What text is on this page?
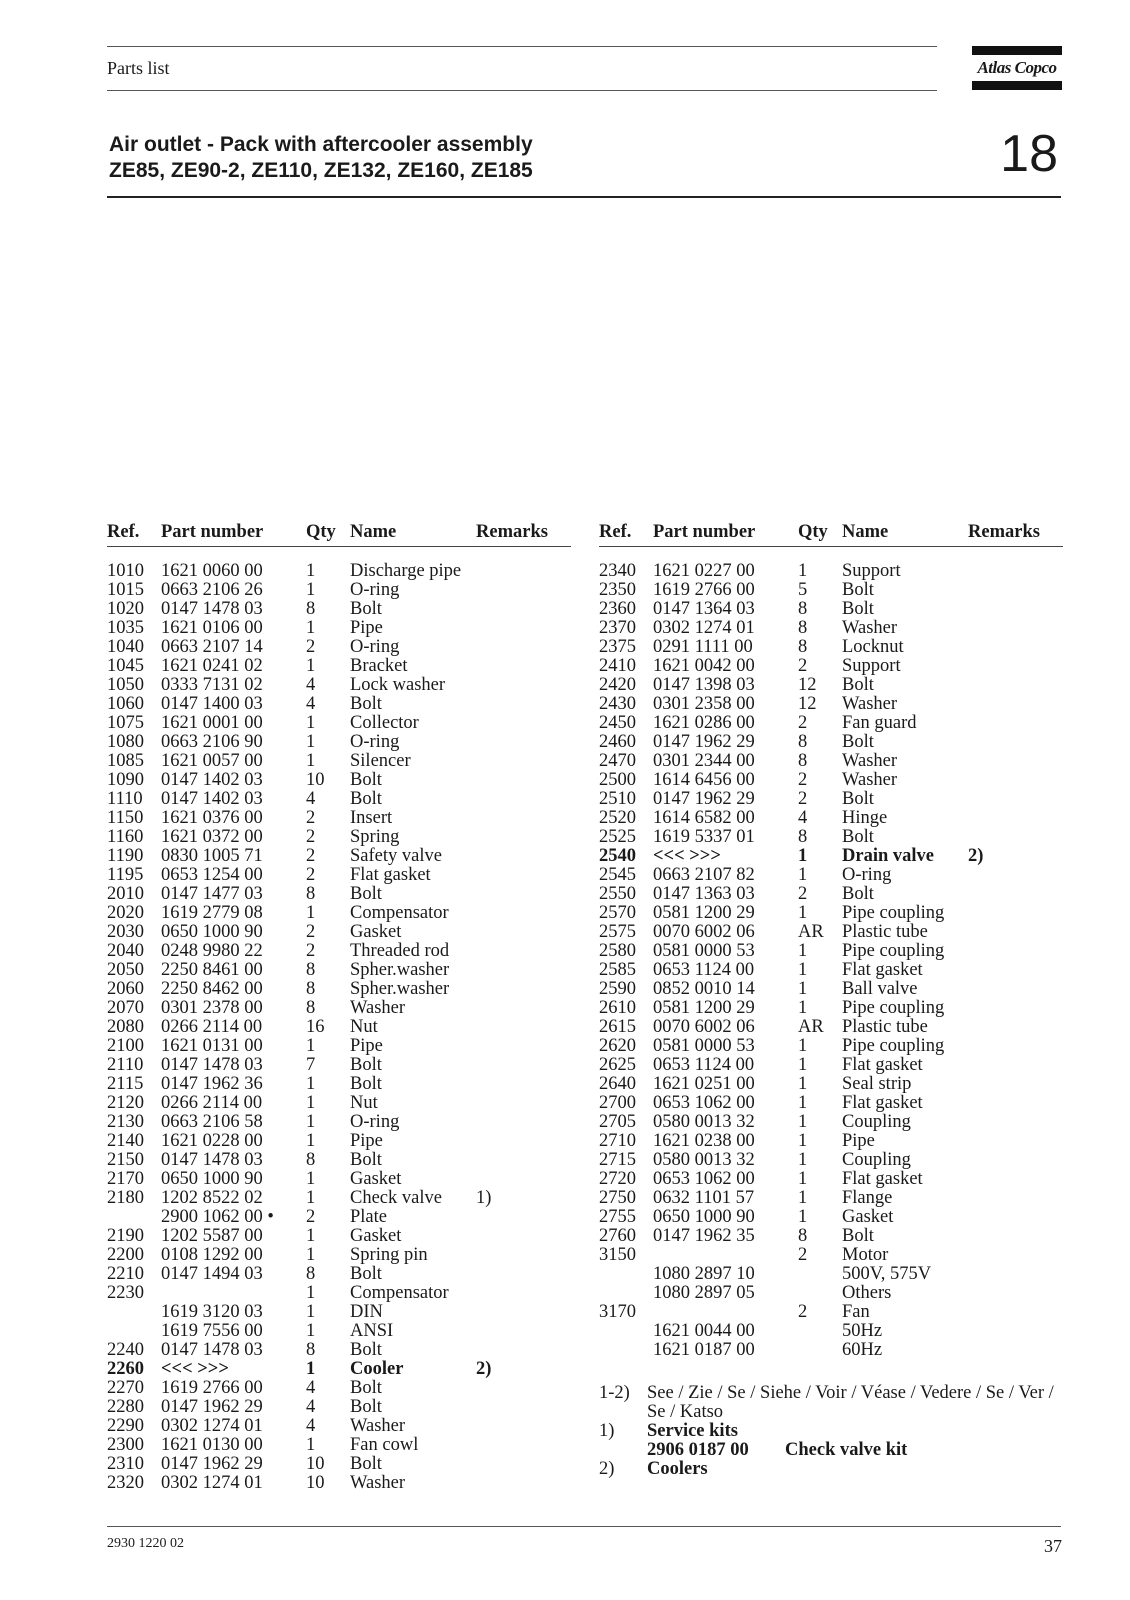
Parts list	Atlas Copco
Air outlet - Pack with aftercooler assembly
ZE85, ZE90-2, ZE110, ZE132, ZE160, ZE185	18
Ref. Part number Qty Name	Remarks
1010 1621 0060 00 1 Discharge pipe
1015 0663 2106 26 1 O-ring
1020 0147 1478 03 8 Bolt
1035 1621 0106 00 1 Pipe
1040 0663 2107 14 2 O-ring
1045 1621 0241 02 1 Bracket
1050 0333 7131 02 4 Lock washer
1060 0147 1400 03 4 Bolt
1075 1621 0001 00 1 Collector
1080 0663 2106 90 1 O-ring
1085 1621 0057 00 1 Silencer
1090 0147 1402 03 10 Bolt
1110 0147 1402 03 4 Bolt
1150 1621 0376 00 2 Insert
1160 1621 0372 00 2 Spring
1190 0830 1005 71 2 Safety valve
1195 0653 1254 00 2 Flat gasket
2010 0147 1477 03 8 Bolt
2020 1619 2779 08 1 Compensator
2030 0650 1000 90 2 Gasket
2040 0248 9980 22 2 Threaded rod
2050 2250 8461 00 8 Spher.washer
2060 2250 8462 00 8 Spher.washer
2070 0301 2378 00 8 Washer
2080 0266 2114 00 16 Nut
2100 1621 0131 00 1 Pipe
2110 0147 1478 03 7 Bolt
2115 0147 1962 36 1 Bolt
2120 0266 2114 00 1 Nut
2130 0663 2106 58 1 O-ring
2140 1621 0228 00 1 Pipe
2150 0147 1478 03 8 Bolt
2170 0650 1000 90 1 Gasket
2180 1202 8522 02 1 Check valve 1)
2900 1062 00 • 2 Plate
2190 1202 5587 00 1 Gasket
2200 0108 1292 00 1 Spring pin
2210 0147 1494 03 8 Bolt
2230	1 Compensator
1619 3120 03 1 DIN
1619 7556 00 1 ANSI
2240 0147 1478 03 8 Bolt
2260 <<< >>>	1 Cooler	2)
2270 1619 2766 00 4 Bolt
2280 0147 1962 29 4 Bolt
2290 0302 1274 01 4 Washer
2300 1621 0130 00 1 Fan cowl
2310 0147 1962 29 10 Bolt
2320 0302 1274 01 10 Washer
Ref. Part number Qty Name	Remarks
2340 1621 0227 00 1 Support
2350 1619 2766 00 5 Bolt
2360 0147 1364 03 8 Bolt
2370 0302 1274 01 8 Washer
2375 0291 1111 00 8 Locknut
2410 1621 0042 00 2 Support
2420 0147 1398 03 12 Bolt
2430 0301 2358 00 12 Washer
2450 1621 0286 00 2 Fan guard
2460 0147 1962 29 8 Bolt
2470 0301 2344 00 8 Washer
2500 1614 6456 00 2 Washer
2510 0147 1962 29 2 Bolt
2520 1614 6582 00 4 Hinge
2525 1619 5337 01 8 Bolt
2540 <<< >>>	1 Drain valve 2)
2545 0663 2107 82 1 O-ring
2550 0147 1363 03 2 Bolt
2570 0581 1200 29 1 Pipe coupling
2575 0070 6002 06 AR Plastic tube
2580 0581 0000 53 1 Pipe coupling
2585 0653 1124 00 1 Flat gasket
2590 0852 0010 14 1 Ball valve
2610 0581 1200 29 1 Pipe coupling
2615 0070 6002 06 AR Plastic tube
2620 0581 0000 53 1 Pipe coupling
2625 0653 1124 00 1 Flat gasket
2640 1621 0251 00 1 Seal strip
2700 0653 1062 00 1 Flat gasket
2705 0580 0013 32 1 Coupling
2710 1621 0238 00 1 Pipe
2715 0580 0013 32 1 Coupling
2720 0653 1062 00 1 Flat gasket
2750 0632 1101 57 1 Flange
2755 0650 1000 90 1 Gasket
2760 0147 1962 35 8 Bolt
3150	2 Motor
1080 2897 10	500V, 575V
1080 2897 05	Others
3170	2 Fan
1621 0044 00	50Hz
1621 0187 00	60Hz
1-2) See / Zie / Se / Siehe / Voir / Véase / Vedere / Se / Ver /
Se / Katso
1) Service kits
2906 0187 00 Check valve kit
2) Coolers
2930 1220 02	37
